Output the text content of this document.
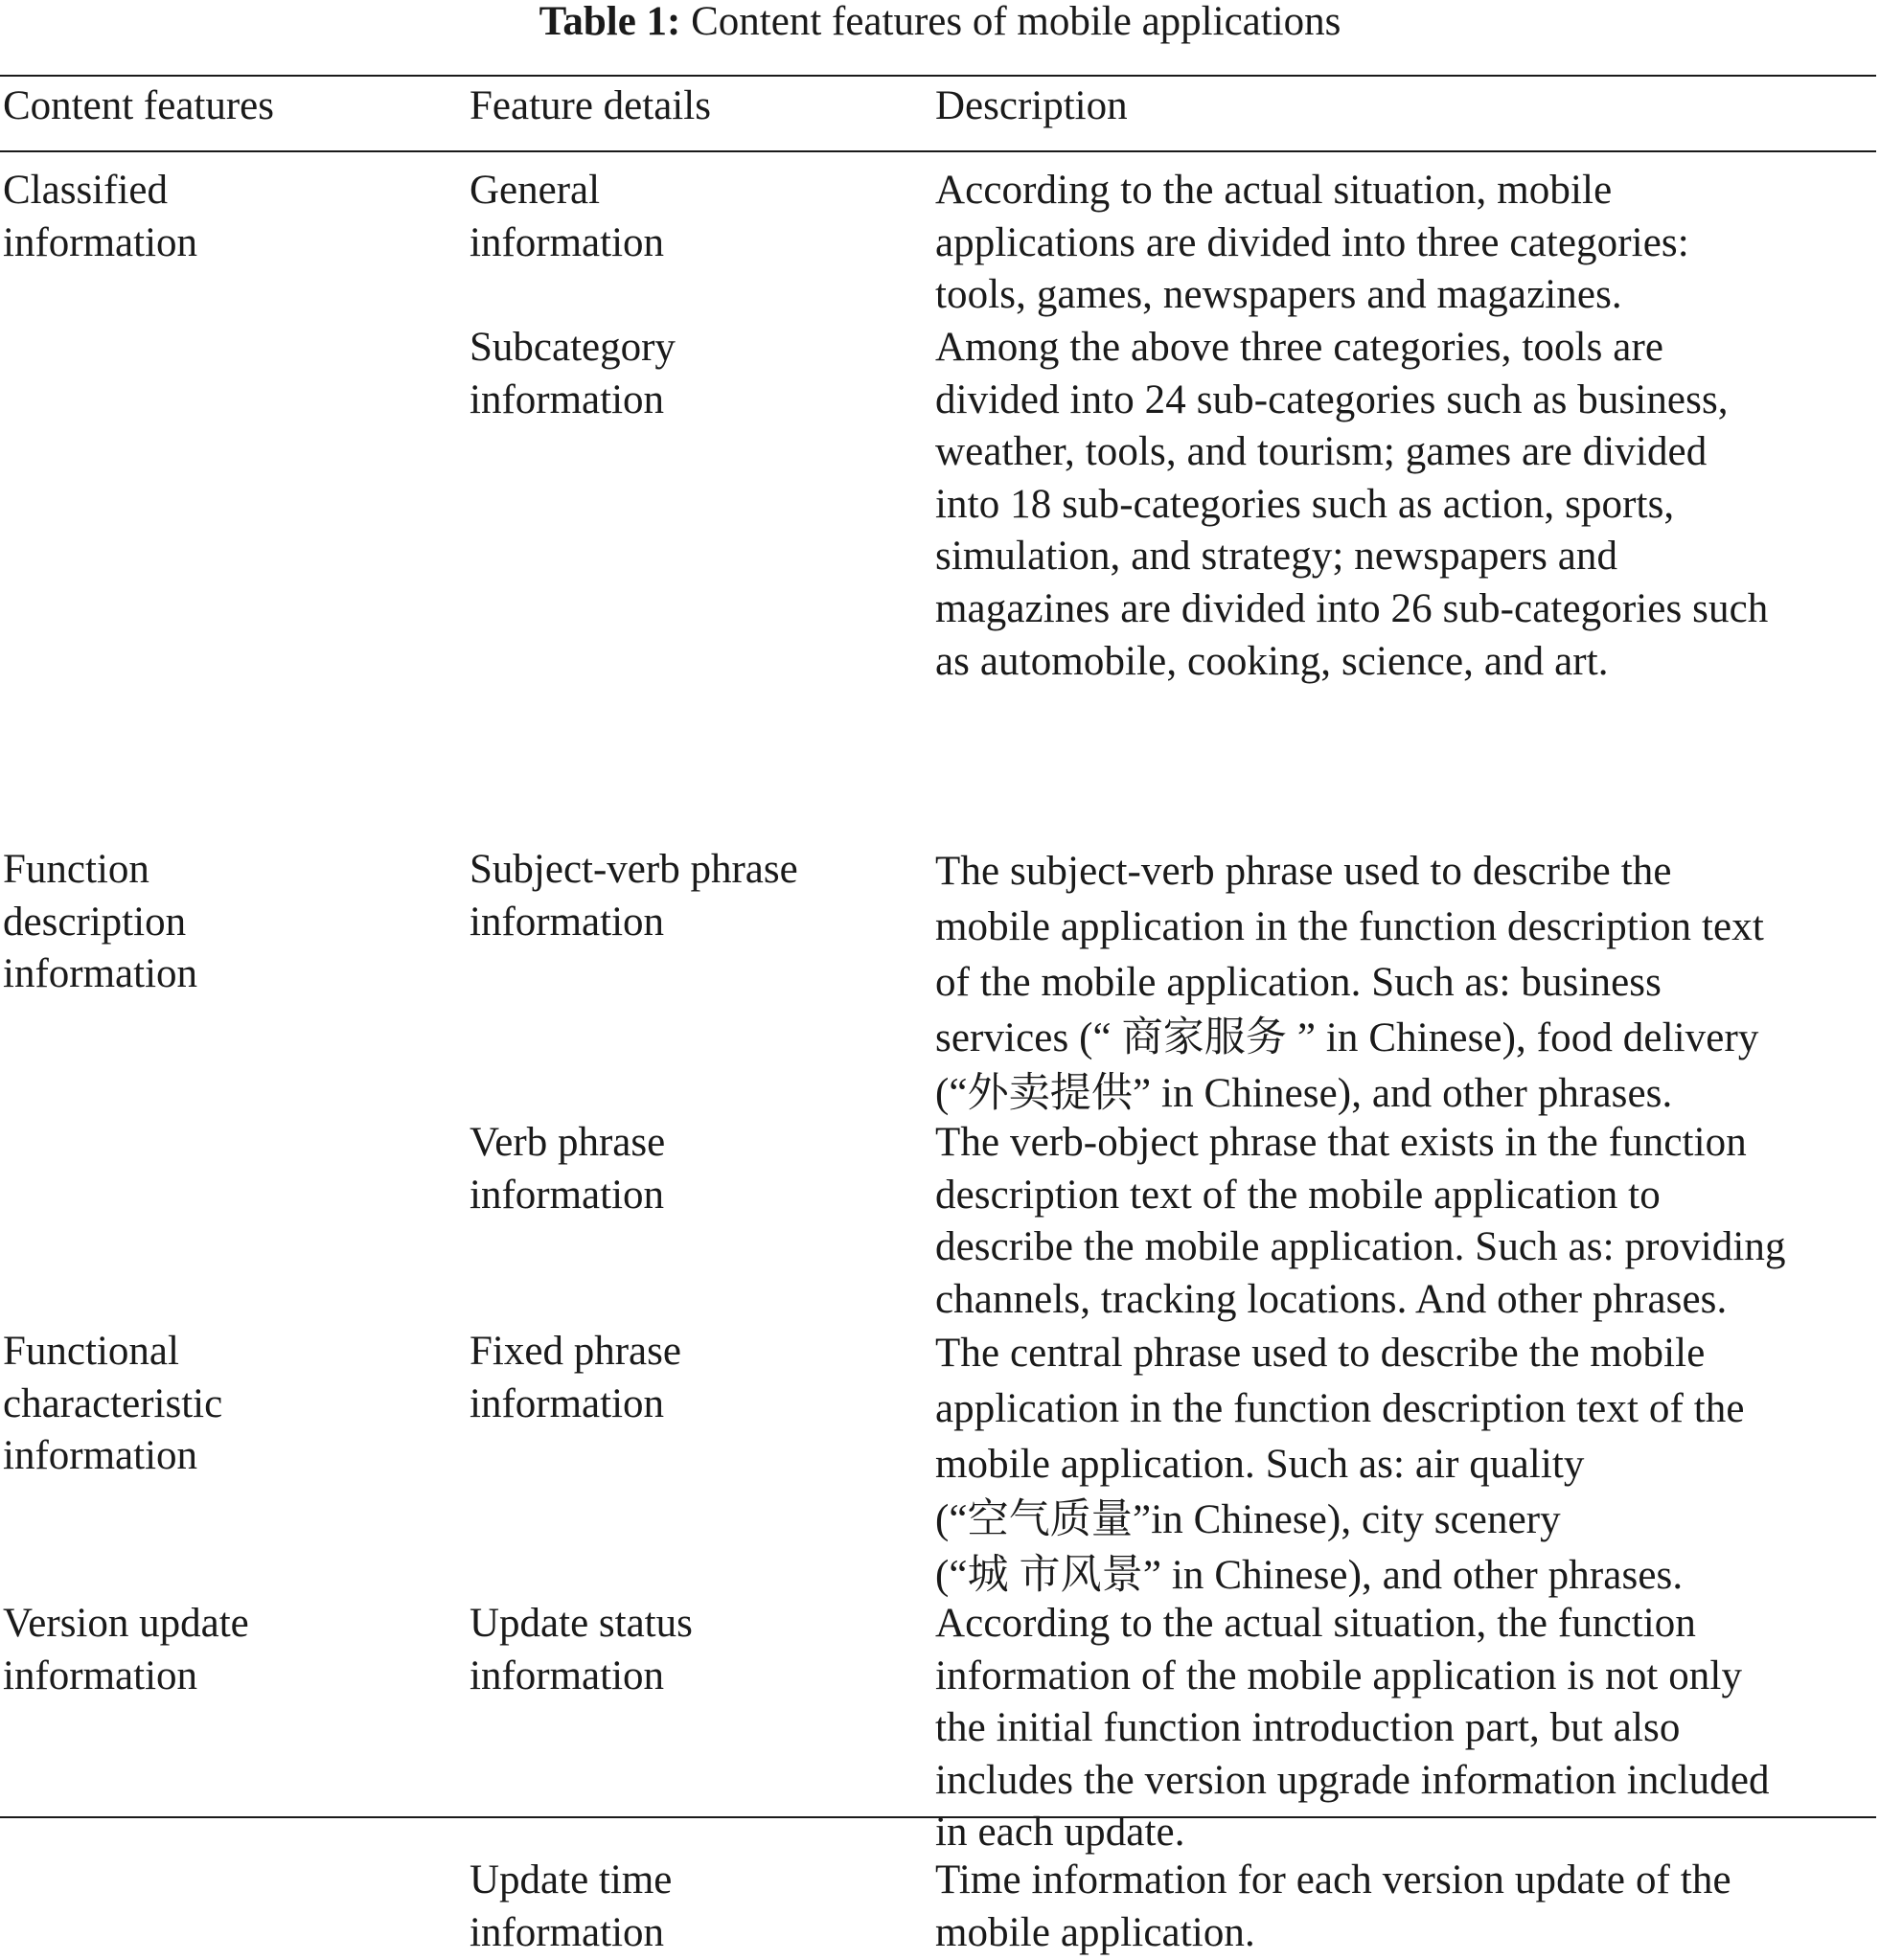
Table 1: Content features of mobile applications
Content features	Feature details	Description
Classified
information
General
information
According to the actual situation, mobile
applications are divided into three categories:
tools, games, newspapers and magazines.
Subcategory
information
Among the above three categories, tools are
divided into 24 sub-categories such as business,
weather, tools, and tourism; games are divided
into 18 sub-categories such as action, sports,
simulation, and strategy; newspapers and
magazines are divided into 26 sub-categories such
as automobile, cooking, science, and art.
Function
description
information
Subject-verb phrase
information
The subject-verb phrase used to describe the
mobile application in the function description text
of the mobile application. Such as: business
services (“ 商家服务 ” in Chinese), food delivery
(“外卖提供” in Chinese), and other phrases.
Verb phrase
information
The verb-object phrase that exists in the function
description text of the mobile application to
describe the mobile application. Such as: providing
channels, tracking locations. And other phrases.
Functional
characteristic
information
Fixed phrase
information
The central phrase used to describe the mobile
application in the function description text of the
mobile application. Such as: air quality
(“空气质量”in Chinese), city scenery
(“城 市风景” in Chinese), and other phrases.
Version update
information
Update status
information
According to the actual situation, the function
information of the mobile application is not only
the initial function introduction part, but also
includes the version upgrade information included
in each update.
Update time
information
Time information for each version update of the
mobile application.
